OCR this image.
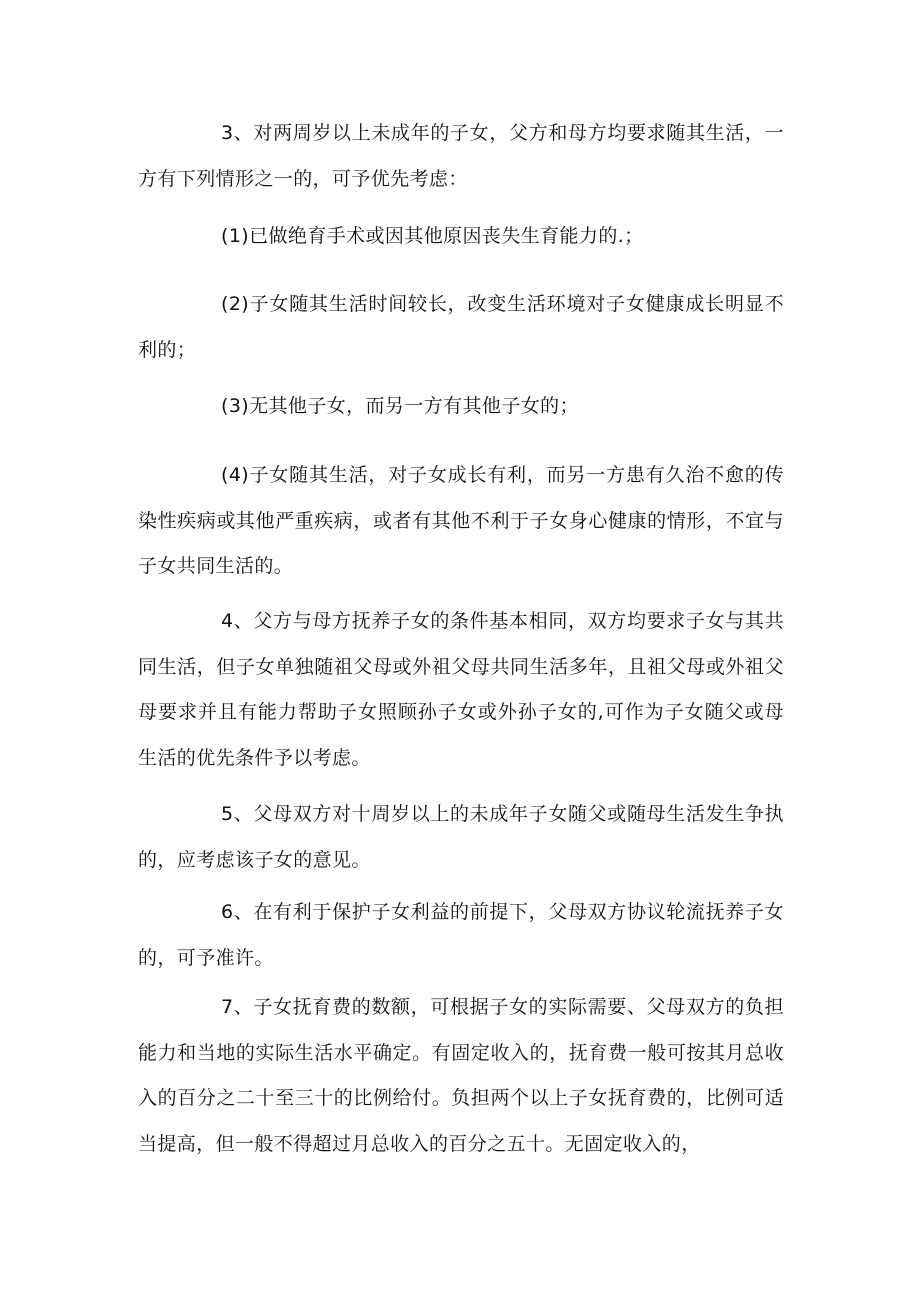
3、对两周岁以上未成年的子女，父方和母方均要求随其生活，一方有下列情形之一的，可予优先考虑：

(1)已做绝育手术或因其他原因丧失生育能力的.；

(2)子女随其生活时间较长，改变生活环境对子女健康成长明显不利的；

(3)无其他子女，而另一方有其他子女的；

(4)子女随其生活，对子女成长有利，而另一方患有久治不愈的传染性疾病或其他严重疾病，或者有其他不利于子女身心健康的情形，不宜与子女共同生活的。

4、父方与母方抚养子女的条件基本相同，双方均要求子女与其共同生活，但子女单独随祖父母或外祖父母共同生活多年，且祖父母或外祖父母要求并且有能力帮助子女照顾孙子女或外孙子女的,可作为子女随父或母生活的优先条件予以考虑。

5、父母双方对十周岁以上的未成年子女随父或随母生活发生争执的，应考虑该子女的意见。

6、在有利于保护子女利益的前提下，父母双方协议轮流抚养子女的，可予准许。

7、子女抚育费的数额，可根据子女的实际需要、父母双方的负担能力和当地的实际生活水平确定。有固定收入的，抚育费一般可按其月总收入的百分之二十至三十的比例给付。负担两个以上子女抚育费的，比例可适当提高，但一般不得超过月总收入的百分之五十。无固定收入的，
